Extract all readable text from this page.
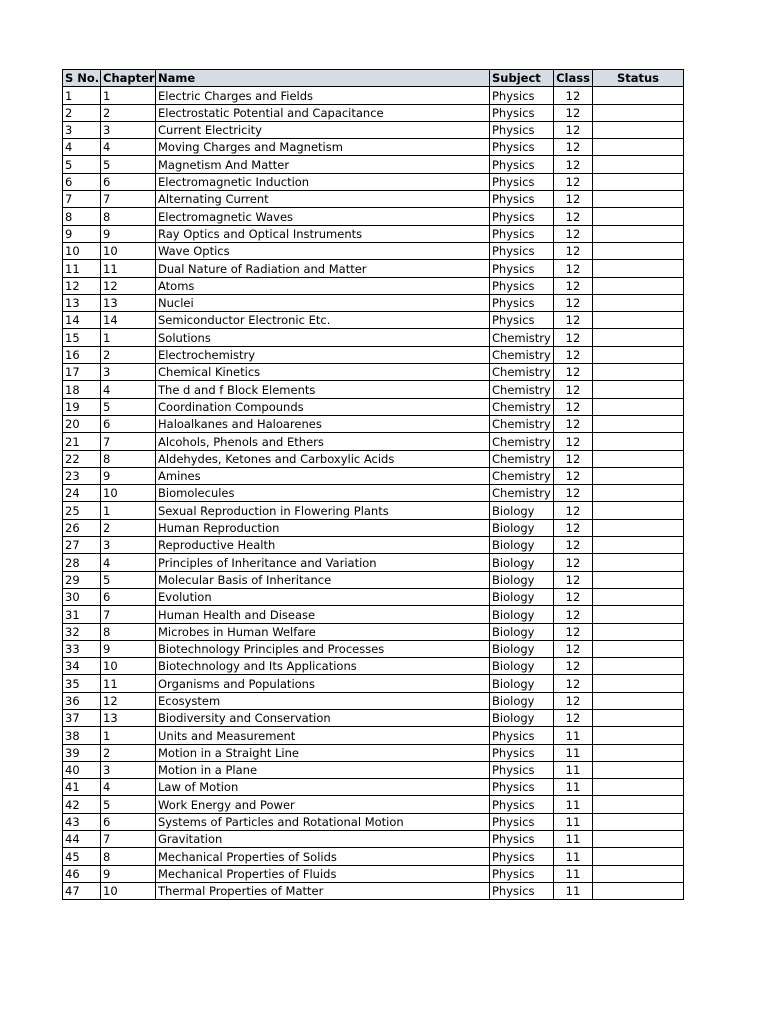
S No.	Chapter	Name	Subject	Class	Status
1	1	Electric Charges and Fields	Physics	12	
2	2	Electrostatic Potential and Capacitance	Physics	12	
3	3	Current Electricity	Physics	12	
4	4	Moving Charges and Magnetism	Physics	12	
5	5	Magnetism And Matter	Physics	12	
6	6	Electromagnetic Induction	Physics	12	
7	7	Alternating Current	Physics	12	
8	8	Electromagnetic Waves	Physics	12	
9	9	Ray Optics and Optical Instruments	Physics	12	
10	10	Wave Optics	Physics	12	
11	11	Dual Nature of Radiation and Matter	Physics	12	
12	12	Atoms	Physics	12	
13	13	Nuclei	Physics	12	
14	14	Semiconductor Electronic Etc.	Physics	12	
15	1	Solutions	Chemistry	12	
16	2	Electrochemistry	Chemistry	12	
17	3	Chemical Kinetics	Chemistry	12	
18	4	The d and f Block Elements	Chemistry	12	
19	5	Coordination Compounds	Chemistry	12	
20	6	Haloalkanes and Haloarenes	Chemistry	12	
21	7	Alcohols, Phenols and Ethers	Chemistry	12	
22	8	Aldehydes, Ketones and Carboxylic Acids	Chemistry	12	
23	9	Amines	Chemistry	12	
24	10	Biomolecules	Chemistry	12	
25	1	Sexual Reproduction in Flowering Plants	Biology	12	
26	2	Human Reproduction	Biology	12	
27	3	Reproductive Health	Biology	12	
28	4	Principles of Inheritance and Variation	Biology	12	
29	5	Molecular Basis of Inheritance	Biology	12	
30	6	Evolution	Biology	12	
31	7	Human Health and Disease	Biology	12	
32	8	Microbes in Human Welfare	Biology	12	
33	9	Biotechnology Principles and Processes	Biology	12	
34	10	Biotechnology and Its Applications	Biology	12	
35	11	Organisms and Populations	Biology	12	
36	12	Ecosystem	Biology	12	
37	13	Biodiversity and Conservation	Biology	12	
38	1	Units and Measurement	Physics	11	
39	2	Motion in a Straight Line	Physics	11	
40	3	Motion in a Plane	Physics	11	
41	4	Law of Motion	Physics	11	
42	5	Work Energy and Power	Physics	11	
43	6	Systems of Particles and Rotational Motion	Physics	11	
44	7	Gravitation	Physics	11	
45	8	Mechanical Properties of Solids	Physics	11	
46	9	Mechanical Properties of Fluids	Physics	11	
47	10	Thermal Properties of Matter	Physics	11	
